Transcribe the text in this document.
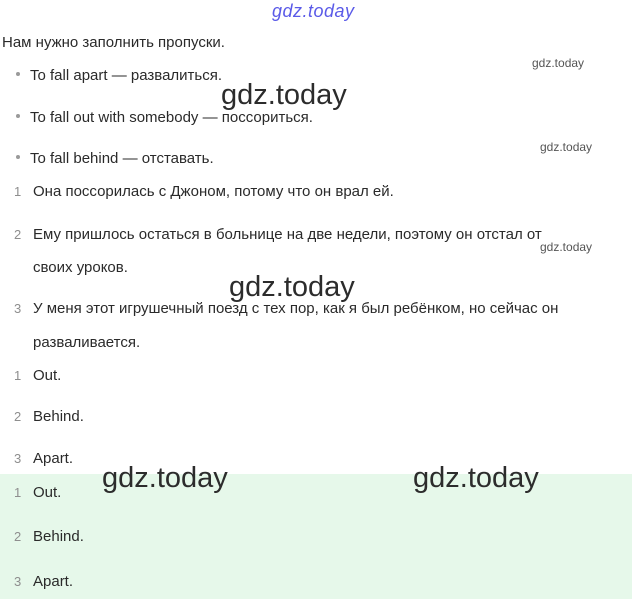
gdz.today
Нам нужно заполнить пропуски.
To fall apart — развалиться.
To fall out with somebody — поссориться.
To fall behind — отставать.
1 Она поссорилась с Джоном, потому что он врал ей.
2 Ему пришлось остаться в больнице на две недели, поэтому он отстал от
своих уроков.
3 У меня этот игрушечный поезд с тех пор, как я был ребёнком, но сейчас он
разваливается.
1 Out.
2 Behind.
3 Apart.
1 Out.
2 Behind.
3 Apart.
gdz.today
gdz.today
gdz.today
gdz.today
gdz.today
gdz.today	gdz.today
